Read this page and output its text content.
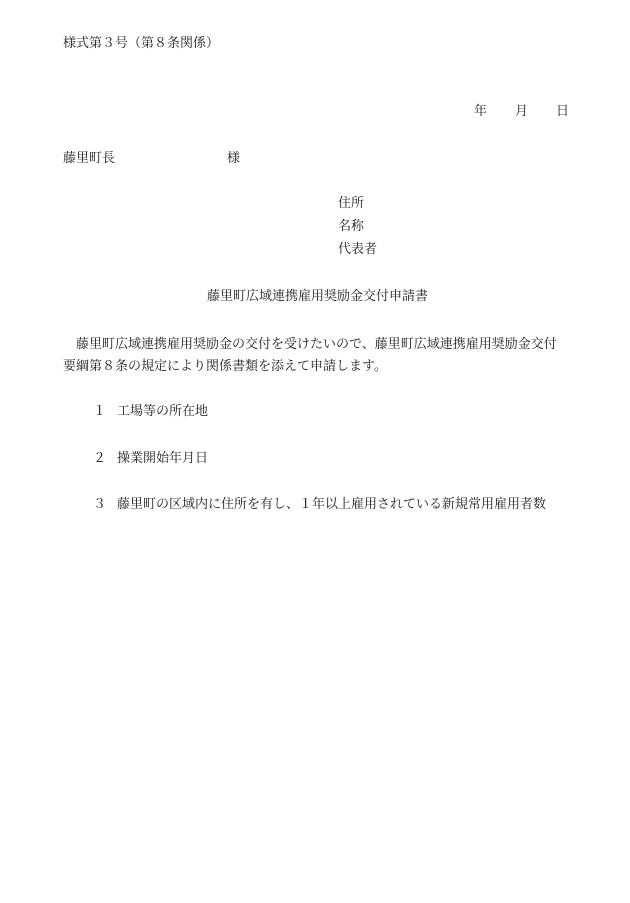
様式第３号（第８条関係）
年 月 日
藤里町長	様
住所
名称
代表者
藤里町広域連携雇用奨励金交付申請書
　藤里町広域連携雇用奨励金の交付を受けたいので、藤里町広域連携雇用奨励金交付
要綱第８条の規定により関係書類を添えて申請します。
１ 工場等の所在地
２ 操業開始年月日
３ 藤里町の区域内に住所を有し、１年以上雇用されている新規常用雇用者数
